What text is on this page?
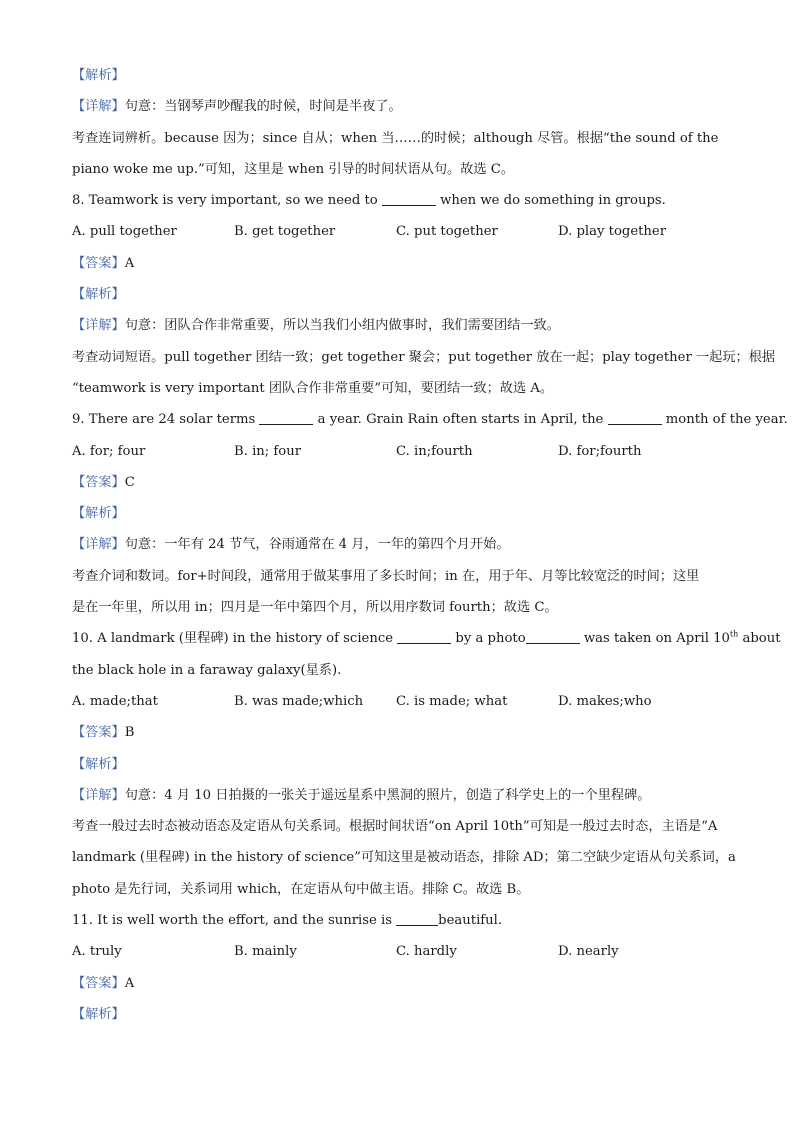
【解析】
【详解】句意：当钢琴声吵醒我的时候，时间是半夜了。
考查连词辨析。because 因为；since 自从；when 当……的时候；although 尽管。根据“the sound of the
piano woke me up.”可知，这里是 when 引导的时间状语从句。故选 C。
8. Teamwork is very important, so we need to	when we do something in groups.
A. pull together	B. get together	C. put together	D. play together
【答案】A
【解析】
【详解】句意：团队合作非常重要，所以当我们小组内做事时，我们需要团结一致。
考查动词短语。pull together 团结一致；get together 聚会；put together 放在一起；play together 一起玩；根据
“teamwork is very important 团队合作非常重要”可知，要团结一致；故选 A。
9. There are 24 solar terms	a year. Grain Rain often starts in April, the	month of the year.
A. for; four	B. in; four	C. in;fourth	D. for;fourth
【答案】C
【解析】
【详解】句意：一年有 24 节气，谷雨通常在 4 月，一年的第四个月开始。
考查介词和数词。for+时间段，通常用于做某事用了多长时间；in 在，用于年、月等比较宽泛的时间；这里
是在一年里，所以用 in；四月是一年中第四个月，所以用序数词 fourth；故选 C。
10. A landmark (里程碑) in the history of science	by a photo	was taken on April 10th about
the black hole in a faraway galaxy(星系).
A. made;that	B. was made;which	C. is made; what	D. makes;who
【答案】B
【解析】
【详解】句意：4 月 10 日拍摄的一张关于遥远星系中黑洞的照片，创造了科学史上的一个里程碑。
考查一般过去时态被动语态及定语从句关系词。根据时间状语“on April 10th”可知是一般过去时态，主语是“A
landmark (里程碑) in the history of science”可知这里是被动语态，排除 AD；第二空缺少定语从句关系词，a
photo 是先行词，关系词用 which，在定语从句中做主语。排除 C。故选 B。
11. It is well worth the effort, and the sunrise is	beautiful.
A. truly	B. mainly	C. hardly	D. nearly
【答案】A
【解析】
